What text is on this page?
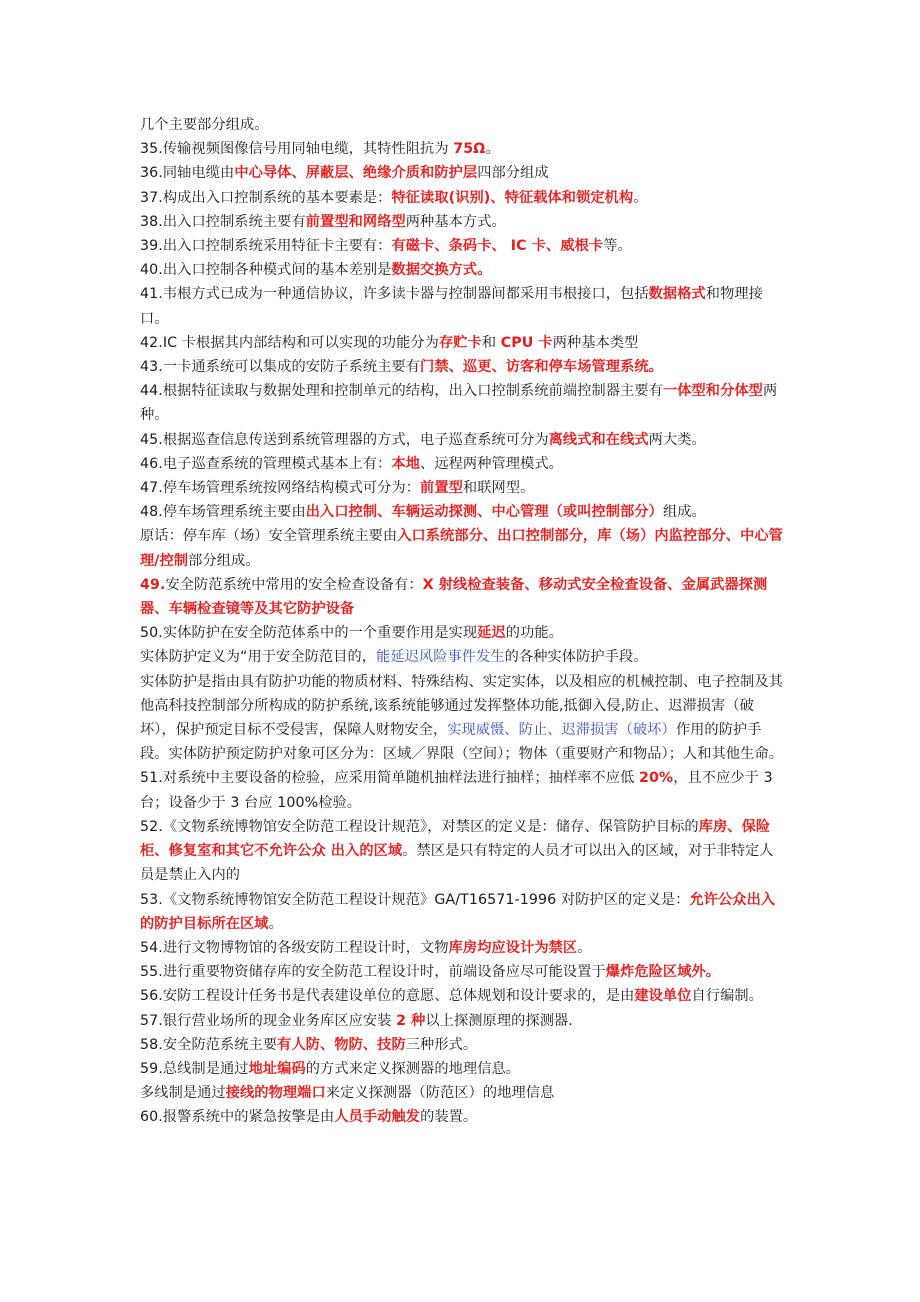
几个主要部分组成。

35.传输视频图像信号用同轴电缆，其特性阻抗为 75Ω。

36.同轴电缆由中心导体、屏蔽层、绝缘介质和防护层四部分组成

37.构成出入口控制系统的基本要素是：特征读取(识别)、特征载体和锁定机构。

38.出入口控制系统主要有前置型和网络型两种基本方式。

39.出入口控制系统采用特征卡主要有：有磁卡、条码卡、 IC 卡、威根卡等。

40.出入口控制各种模式间的基本差别是数据交换方式。

41.韦根方式已成为一种通信协议，许多读卡器与控制器间都采用韦根接口，包括数据格式和物理接口。

42.IC 卡根据其内部结构和可以实现的功能分为存贮卡和 CPU 卡两种基本类型

43.一卡通系统可以集成的安防子系统主要有门禁、巡更、访客和停车场管理系统。

44.根据特征读取与数据处理和控制单元的结构，出入口控制系统前端控制器主要有一体型和分体型两种。

45.根据巡查信息传送到系统管理器的方式，电子巡查系统可分为离线式和在线式两大类。

46.电子巡查系统的管理模式基本上有：本地、远程两种管理模式。

47.停车场管理系统按网络结构模式可分为：前置型和联网型。

48.停车场管理系统主要由出入口控制、车辆运动探测、中心管理（或叫控制部分）组成。

原话：停车库（场）安全管理系统主要由入口系统部分、出口控制部分，库（场）内监控部分、中心管理/控制部分组成。

49.安全防范系统中常用的安全检查设备有：X 射线检查装备、移动式安全检查设备、金属武器探测器、车辆检查镜等及其它防护设备

50.实体防护在安全防范体系中的一个重要作用是实现延迟的功能。

实体防护定义为“用于安全防范目的，能延迟风险事件发生的各种实体防护手段。

实体防护是指由具有防护功能的物质材料、特殊结构、实定实体，以及相应的机械控制、电子控制及其他高科技控制部分所构成的防护系统,该系统能够通过发挥整体功能,抵御入侵,防止、迟滞损害（破坏），保护预定目标不受侵害，保障人财物安全，实现威慑、防止、迟滞损害（破坏）作用的防护手段。实体防护预定防护对象可区分为：区域／界限（空间）；物体（重要财产和物品）；人和其他生命。

51.对系统中主要设备的检验，应采用简单随机抽样法进行抽样；抽样率不应低 20%，且不应少于 3 台；设备少于 3 台应 100%检验。

52.《文物系统博物馆安全防范工程设计规范》，对禁区的定义是：储存、保管防护目标的库房、保险柜、修复室和其它不允许公众 出入的区域。禁区是只有特定的人员才可以出入的区域，对于非特定人员是禁止入内的

53.《文物系统博物馆安全防范工程设计规范》GA/T16571-1996 对防护区的定义是：允许公众出入的防护目标所在区域。

54.进行文物博物馆的各级安防工程设计时，文物库房均应设计为禁区。

55.进行重要物资储存库的安全防范工程设计时，前端设备应尽可能设置于爆炸危险区域外。

56.安防工程设计任务书是代表建设单位的意愿、总体规划和设计要求的，是由建设单位自行编制。

57.银行营业场所的现金业务库区应安装 2 种以上探测原理的探测器.

58.安全防范系统主要有人防、物防、技防三种形式。

59.总线制是通过地址编码的方式来定义探测器的地理信息。

多线制是通过接线的物理端口来定义探测器（防范区）的地理信息

60.报警系统中的紧急按擎是由人员手动触发的装置。
